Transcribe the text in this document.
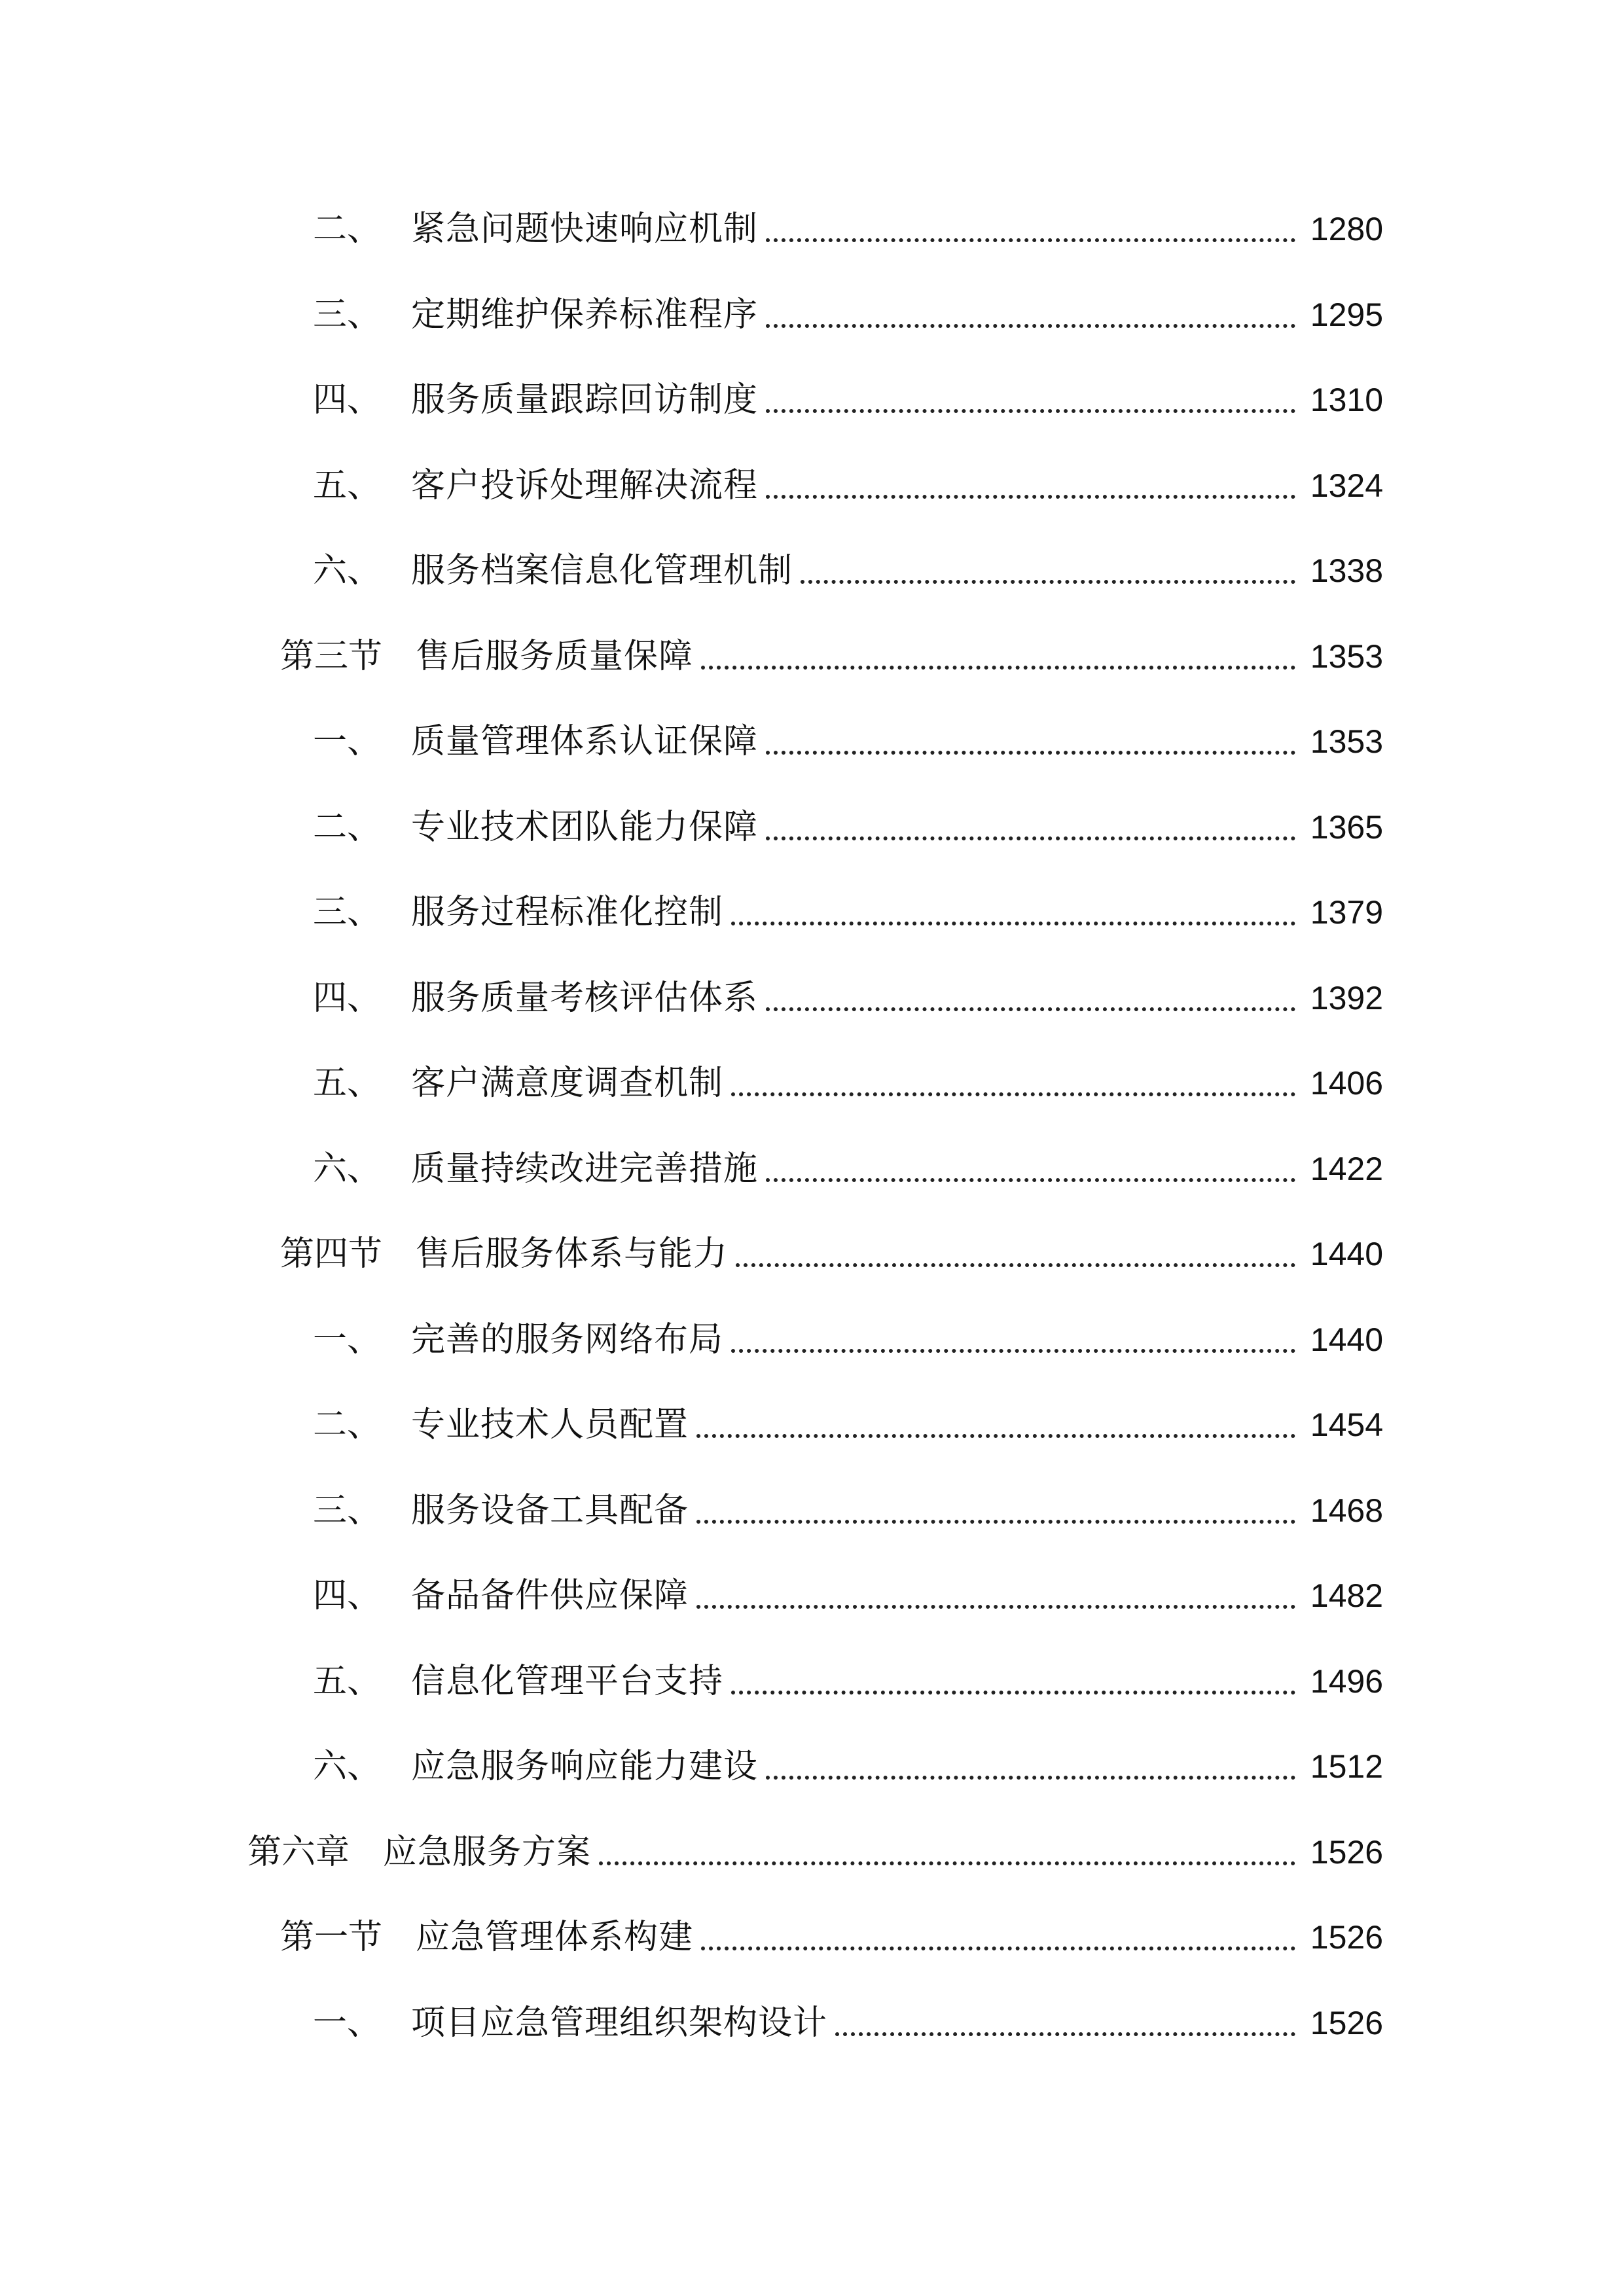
二、 紧急问题快速响应机制	1280
三、 定期维护保养标准程序	1295
四、 服务质量跟踪回访制度	1310
五、 客户投诉处理解决流程	1324
六、 服务档案信息化管理机制	1338
第三节 售后服务质量保障	1353
一、 质量管理体系认证保障	1353
二、 专业技术团队能力保障	1365
三、 服务过程标准化控制	1379
四、 服务质量考核评估体系	1392
五、 客户满意度调查机制	1406
六、 质量持续改进完善措施	1422
第四节 售后服务体系与能力	1440
一、 完善的服务网络布局	1440
二、 专业技术人员配置	1454
三、 服务设备工具配备	1468
四、 备品备件供应保障	1482
五、 信息化管理平台支持	1496
六、 应急服务响应能力建设	1512
第六章 应急服务方案	1526
第一节 应急管理体系构建	1526
一、 项目应急管理组织架构设计	1526
